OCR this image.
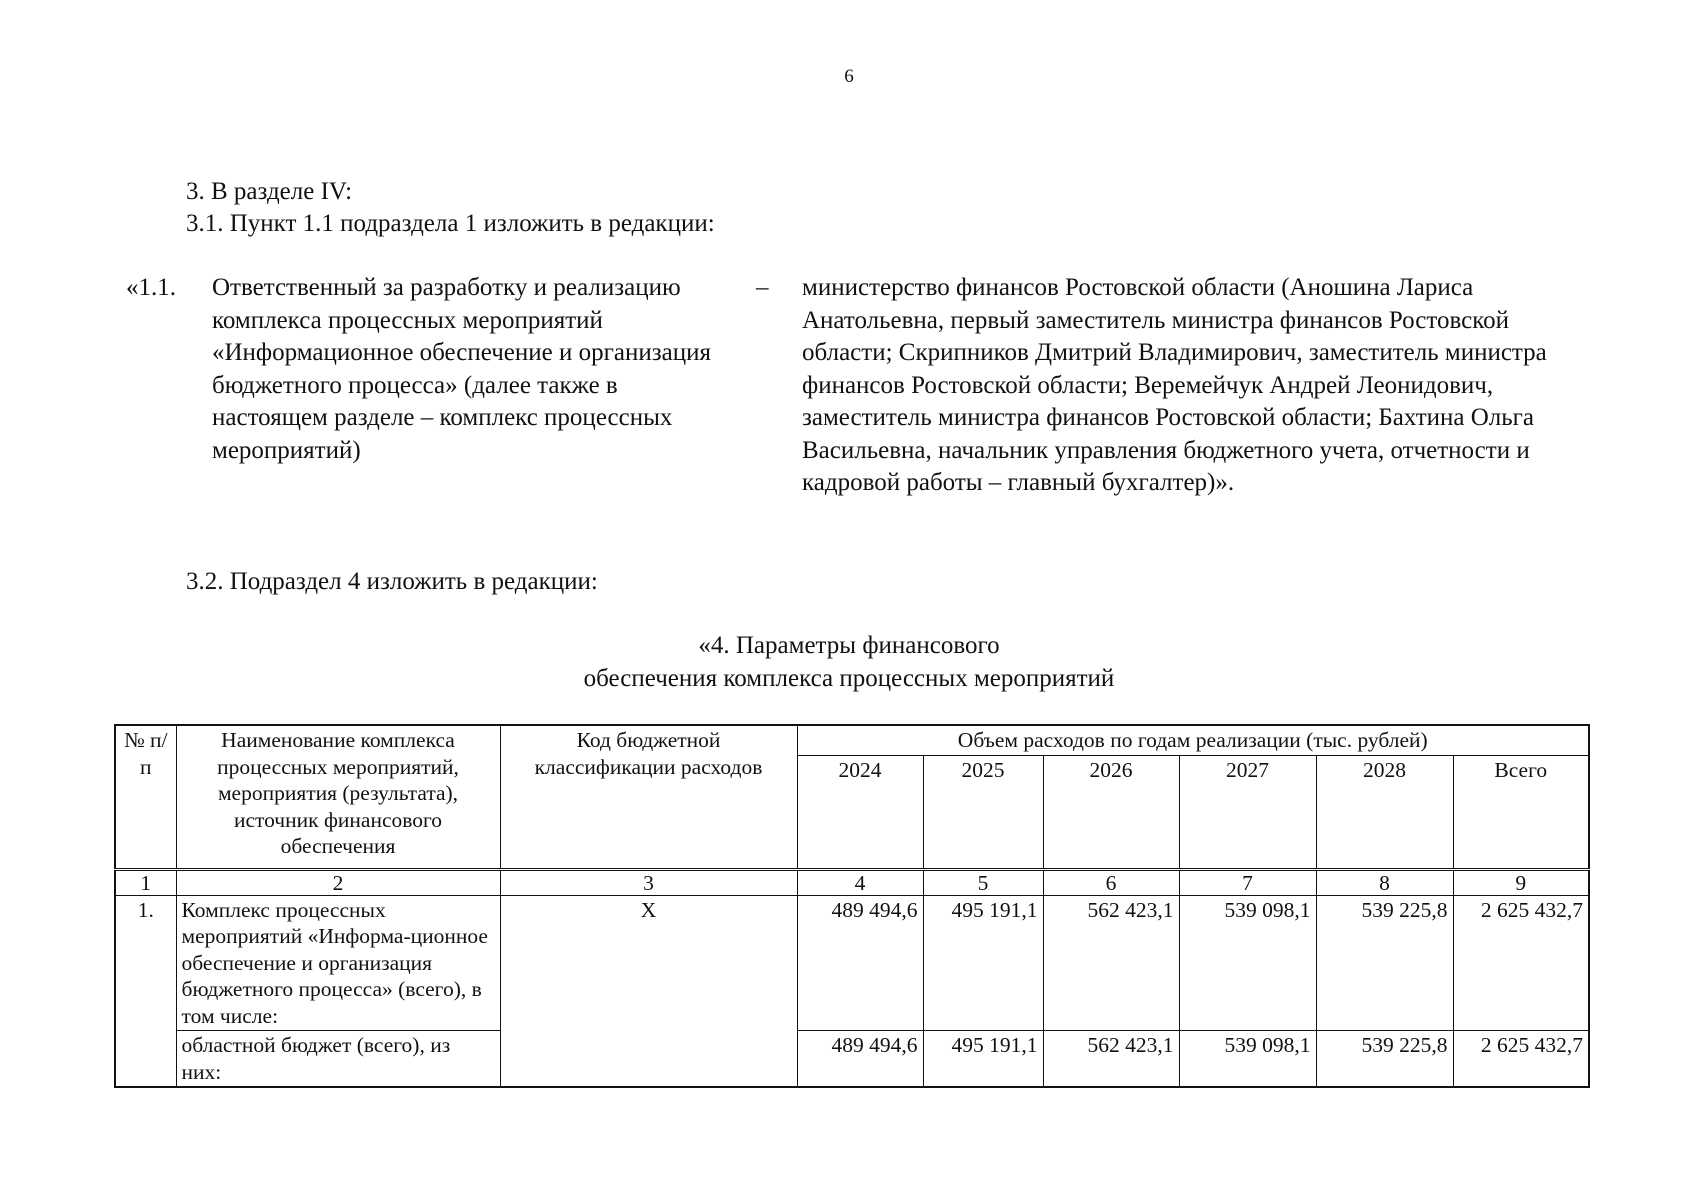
6
3. В разделе IV:
3.1. Пункт 1.1 подраздела 1 изложить в редакции:
«1.1. Ответственный за разработку и реализацию комплекса процессных мероприятий «Информационное обеспечение и организация бюджетного процесса» (далее также в настоящем разделе – комплекс процессных мероприятий)
– министерство финансов Ростовской области (Аношина Лариса Анатольевна, первый заместитель министра финансов Ростовской области; Скрипников Дмитрий Владимирович, заместитель министра финансов Ростовской области; Веремейчук Андрей Леонидович, заместитель министра финансов Ростовской области; Бахтина Ольга Васильевна, начальник управления бюджетного учета, отчетности и кадровой работы – главный бухгалтер)».
3.2. Подраздел 4 изложить в редакции:
«4. Параметры финансового
обеспечения комплекса процессных мероприятий
№ п/п	Наименование комплекса процессных мероприятий, мероприятия (результата), источник финансового обеспечения	Код бюджетной классификации расходов	Объем расходов по годам реализации (тыс. рублей)					
			2024	2025	2026	2027	2028	Всего
1	2	3	4	5	6	7	8	9
1.	Комплекс процессных мероприятий «Информа-ционное обеспечение и организация бюджетного процесса» (всего), в том числе:	X	489 494,6	495 191,1	562 423,1	539 098,1	539 225,8	2 625 432,7
	областной бюджет (всего), из них:		489 494,6	495 191,1	562 423,1	539 098,1	539 225,8	2 625 432,7
